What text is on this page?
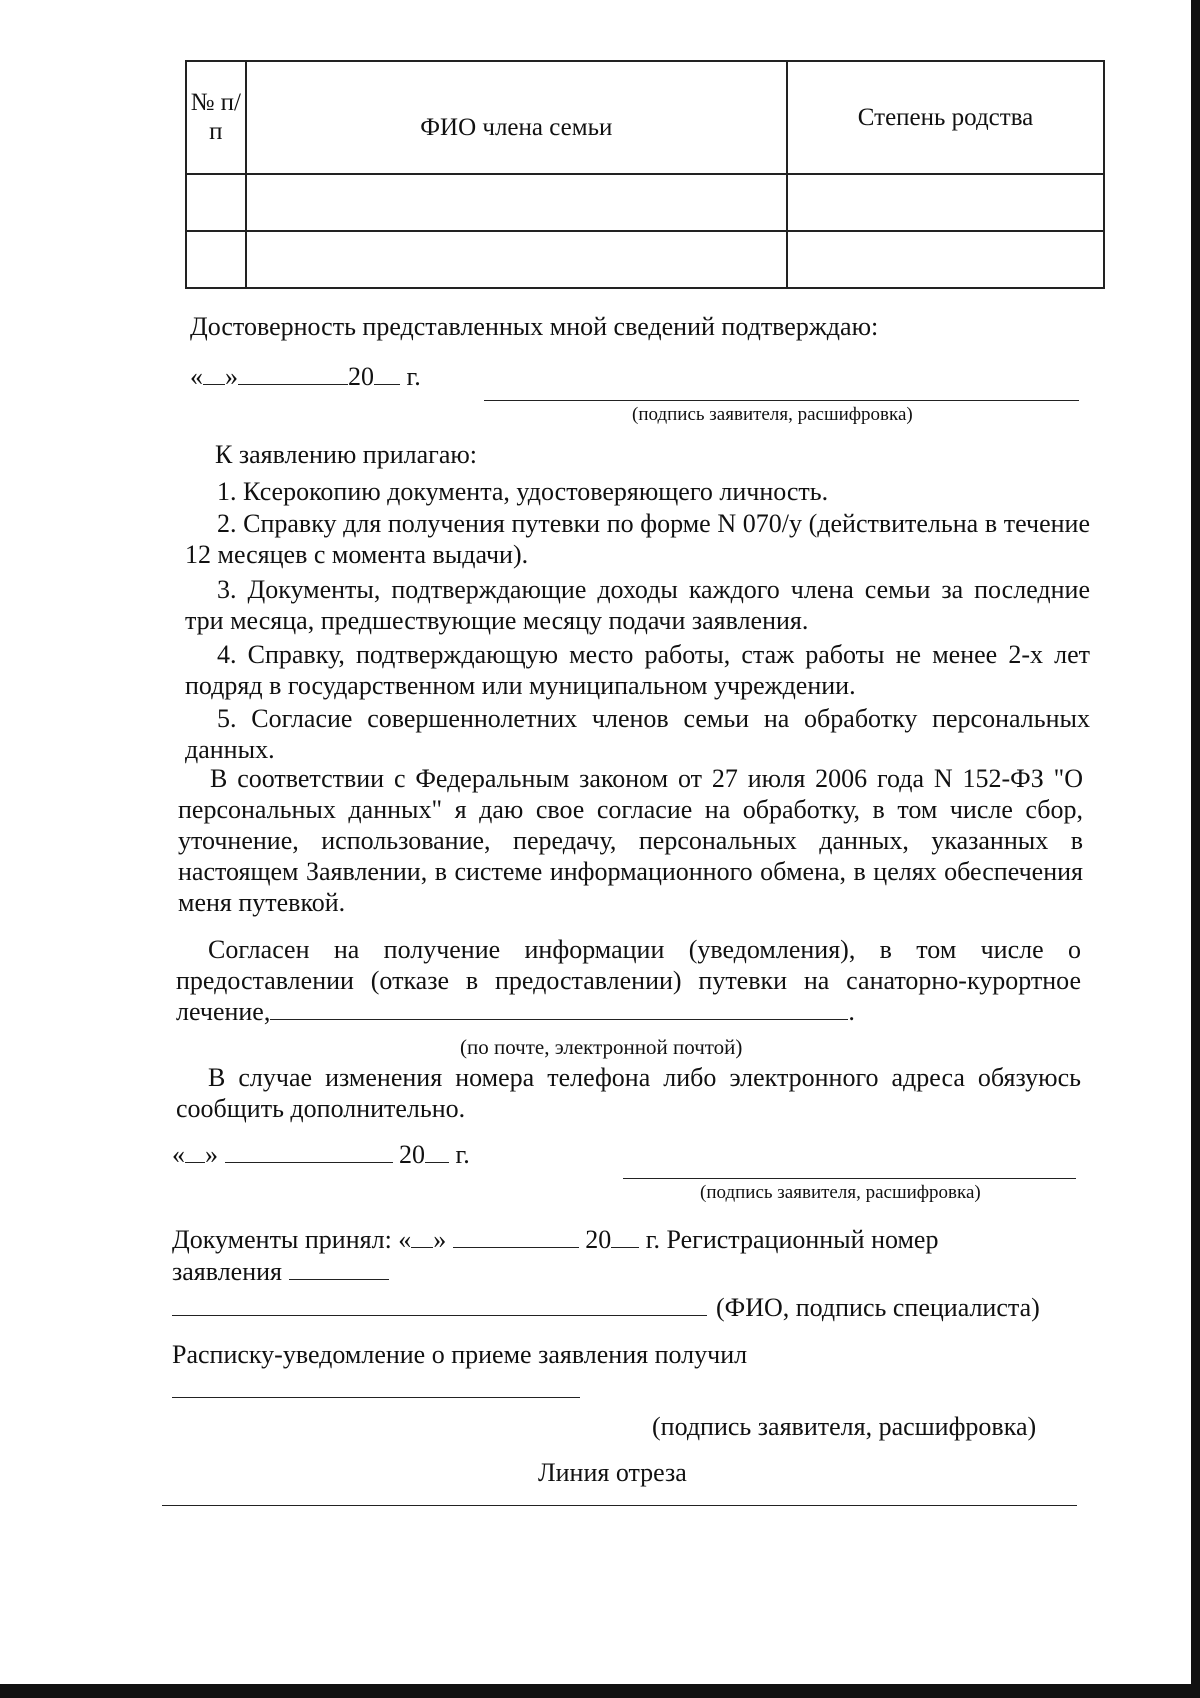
№ п/п	ФИО члена семьи	Степень родства

Достоверность представленных мной сведений подтверждаю:
« »	20 г.
(подпись заявителя, расшифровка)
К заявлению прилагаю:
1. Ксерокопию документа, удостоверяющего личность.
2. Справку для получения путевки по форме N 070/у (действительна в течение 12 месяцев с момента выдачи).
3. Документы, подтверждающие доходы каждого члена семьи за последние три месяца, предшествующие месяцу подачи заявления.
4. Справку, подтверждающую место работы, стаж работы не менее 2-х лет подряд в государственном или муниципальном учреждении.
5. Согласие совершеннолетних членов семьи на обработку персональных данных.
В соответствии с Федеральным законом от 27 июля 2006 года N 152-ФЗ "О персональных данных" я даю свое согласие на обработку, в том числе сбор, уточнение, использование, передачу, персональных данных, указанных в настоящем Заявлении, в системе информационного обмена, в целях обеспечения меня путевкой.
Согласен на получение информации (уведомления), в том числе о предоставлении (отказе в предоставлении) путевки на санаторно-курортное лечение,	.
(по почте, электронной почтой)
В случае изменения номера телефона либо электронного адреса обязуюсь сообщить дополнительно.
« »	20 г.
(подпись заявителя, расшифровка)
Документы принял: « »	20 г. Регистрационный номер
заявления
(ФИО, подпись специалиста)
Расписку-уведомление о приеме заявления получил
(подпись заявителя, расшифровка)
Линия отреза
